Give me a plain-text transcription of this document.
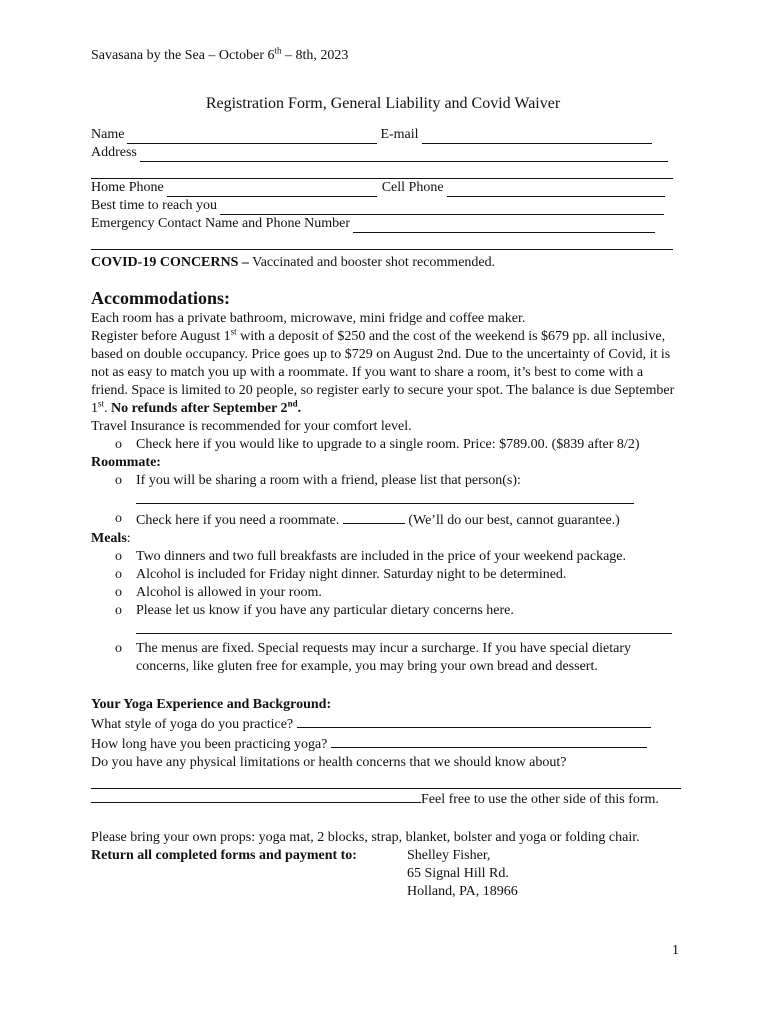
Savasana by the Sea – October 6th – 8th, 2023
Registration Form, General Liability and Covid Waiver
Name	E-mail
Address
Home Phone	Cell Phone
Best time to reach you
Emergency Contact Name and Phone Number
COVID-19 CONCERNS – Vaccinated and booster shot recommended.
Accommodations:

Each room has a private bathroom, microwave, mini fridge and coffee maker.

Register before August 1st with a deposit of $250 and the cost of the weekend is $679 pp. all inclusive, based on double occupancy. Price goes up to $729 on August 2nd. Due to the uncertainty of Covid, it is not as easy to match you up with a roommate. If you want to share a room, it’s best to come with a friend. Space is limited to 20 people, so register early to secure your spot. The balance is due September 1st. No refunds after September 2nd.

Travel Insurance is recommended for your comfort level.

o Check here if you would like to upgrade to a single room. Price: $789.00. ($839 after 8/2)
Roommate:
o If you will be sharing a room with a friend, please list that person(s):
o Check here if you need a roommate.	(We’ll do our best, cannot guarantee.)
Meals:
o Two dinners and two full breakfasts are included in the price of your weekend package.
o Alcohol is included for Friday night dinner. Saturday night to be determined.
o Alcohol is allowed in your room.
o Please let us know if you have any particular dietary concerns here.
o The menus are fixed. Special requests may incur a surcharge. If you have special dietary concerns, like gluten free for example, you may bring your own bread and dessert.
Your Yoga Experience and Background:
What style of yoga do you practice?
How long have you been practicing yoga?
Do you have any physical limitations or health concerns that we should know about?
Feel free to use the other side of this form.

Please bring your own props: yoga mat, 2 blocks, strap, blanket, bolster and yoga or folding chair.

Return all completed forms and payment to:	Shelley Fisher,
65 Signal Hill Rd.
Holland, PA, 18966
1
